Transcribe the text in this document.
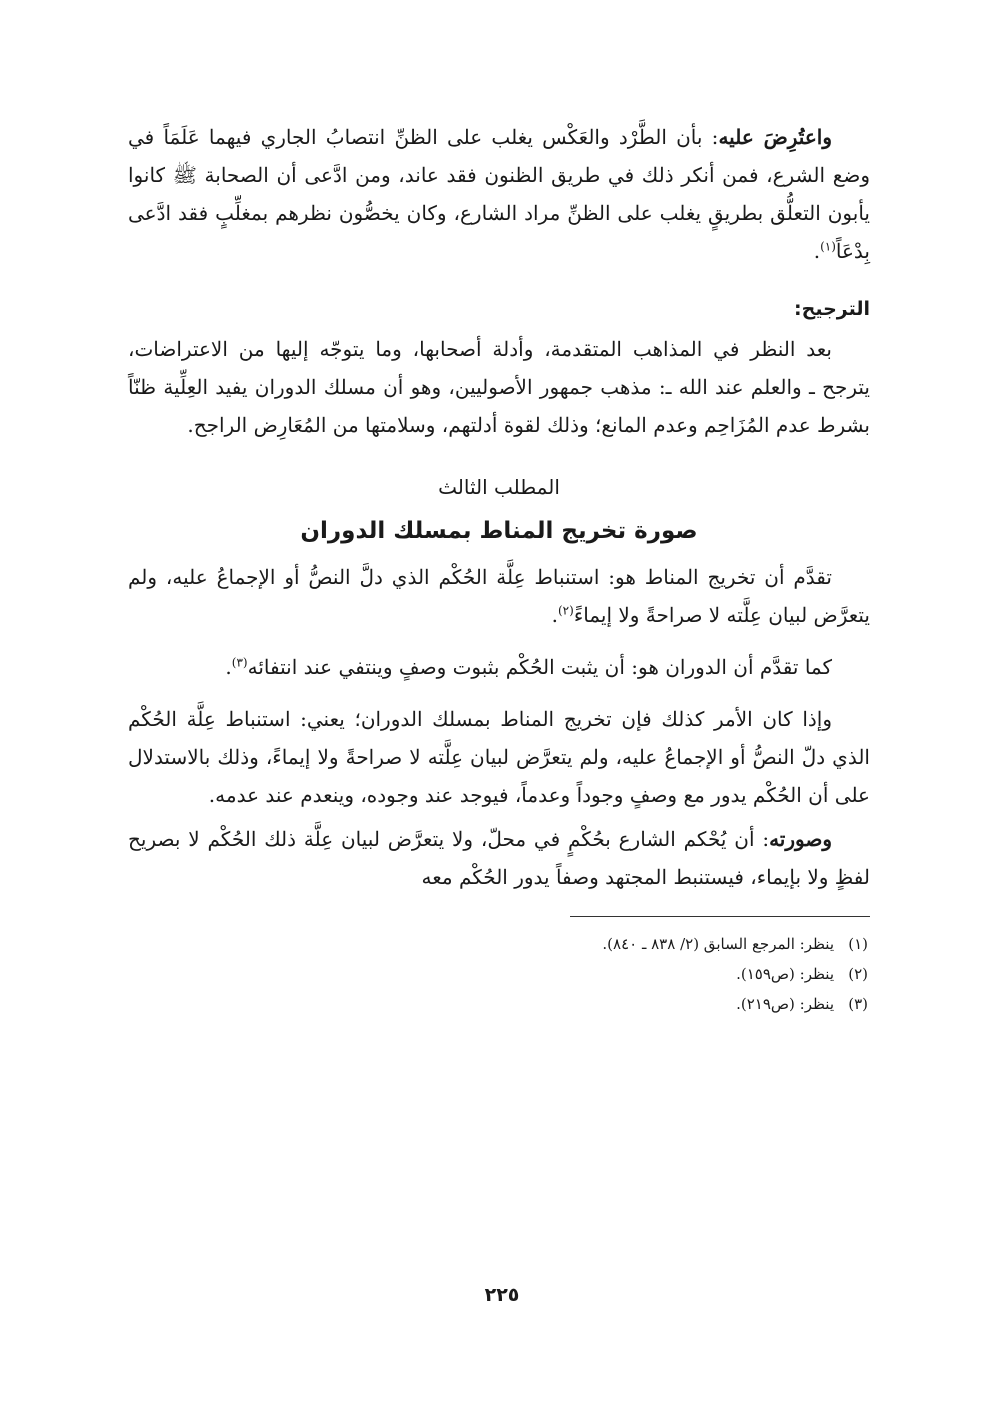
واعتُرِضَ عليه: بأن الطَّرْد والعَكْس يغلب على الظنِّ انتصابُ الجاري فيهما عَلَمَاً في وضع الشرع، فمن أنكر ذلك في طريق الظنون فقد عاند، ومن ادَّعى أن الصحابة ﷺ كانوا يأبون التعلُّق بطريقٍ يغلب على الظنِّ مراد الشارع، وكان يخصُّون نظرهم بمغلِّبٍ فقد ادَّعى بِدْعَاً$^{(١)}$.

الترجيح:

بعد النظر في المذاهب المتقدمة، وأدلة أصحابها، وما يتوجّه إليها من الاعتراضات، يترجح ـ والعلم عند الله ـ: مذهب جمهور الأصوليين، وهو أن مسلك الدوران يفيد العِلِّية ظنّاً بشرط عدم المُزَاحِم وعدم المانع؛ وذلك لقوة أدلتهم، وسلامتها من المُعَارِض الراجح.

المطلب الثالث
صورة تخريج المناط بمسلك الدوران

تقدَّم أن تخريج المناط هو: استنباط عِلَّة الحُكْم الذي دلَّ النصُّ أو الإجماعُ عليه، ولم يتعرَّض لبيان عِلَّته لا صراحةً ولا إيماءً$^{(٢)}$.

كما تقدَّم أن الدوران هو: أن يثبت الحُكْم بثبوت وصفٍ وينتفي عند انتفائه$^{(٣)}$.

وإذا كان الأمر كذلك فإن تخريج المناط بمسلك الدوران؛ يعني: استنباط عِلَّة الحُكْم الذي دلّ النصُّ أو الإجماعُ عليه، ولم يتعرَّض لبيان عِلَّته لا صراحةً ولا إيماءً، وذلك بالاستدلال على أن الحُكْم يدور مع وصفٍ وجوداً وعدماً، فيوجد عند وجوده، وينعدم عند عدمه.

وصورته: أن يُحْكم الشارع بحُكْمٍ في محلّ، ولا يتعرَّض لبيان عِلَّة ذلك الحُكْم لا بصريح لفظٍ ولا بإيماء، فيستنبط المجتهد وصفاً يدور الحُكْم معه

(١)ينظر: المرجع السابق (٢/ ٨٣٨ ـ ٨٤٠).

(٢)ينظر: (ص١٥٩).

(٣)ينظر: (ص٢١٩).

٢٢٥
